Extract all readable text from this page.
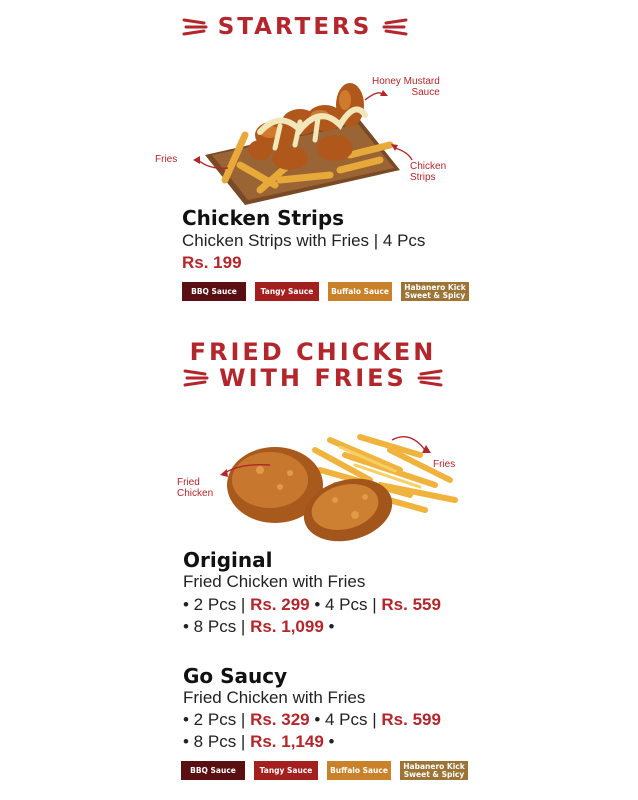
STARTERS
Honey Mustard
Sauce
Fries
Chicken
Strips
Chicken Strips
Chicken Strips with Fries | 4 Pcs
Rs. 199
BBQ Sauce	Tangy Sauce	Buffalo Sauce	Habanero Kick
Sweet & Spicy
FRIED CHICKEN
WITH FRIES
Fried
Chicken
Fries
Original
Fried Chicken with Fries
• 2 Pcs | Rs. 299 • 4 Pcs | Rs. 559
• 8 Pcs | Rs. 1,099 •
Go Saucy
Fried Chicken with Fries
• 2 Pcs | Rs. 329 • 4 Pcs | Rs. 599
• 8 Pcs | Rs. 1,149 •
BBQ Sauce	Tangy Sauce	Buffalo Sauce	Habanero Kick
Sweet & Spicy
